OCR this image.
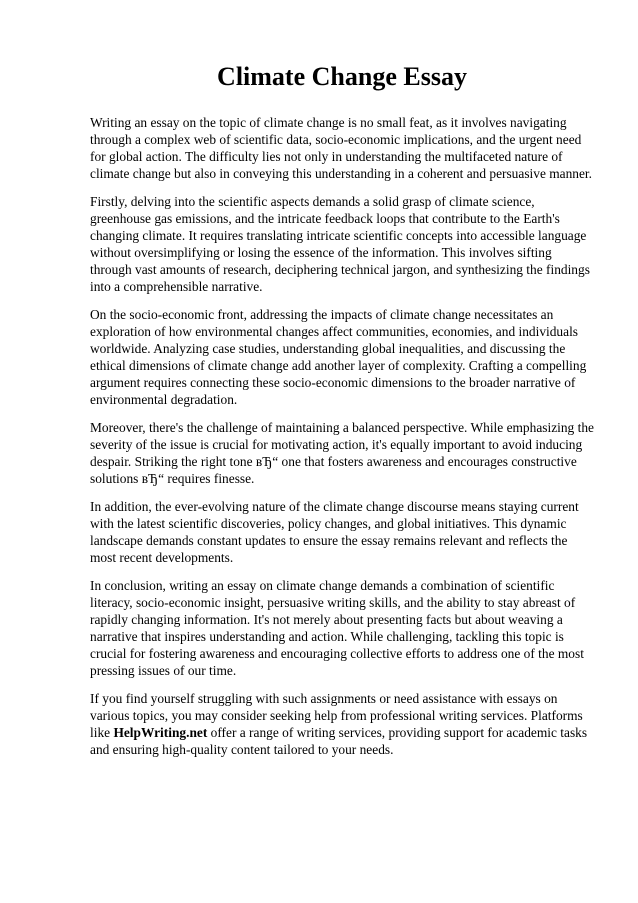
Climate Change Essay

Writing an essay on the topic of climate change is no small feat, as it involves navigating through a complex web of scientific data, socio-economic implications, and the urgent need for global action. The difficulty lies not only in understanding the multifaceted nature of climate change but also in conveying this understanding in a coherent and persuasive manner.

Firstly, delving into the scientific aspects demands a solid grasp of climate science, greenhouse gas emissions, and the intricate feedback loops that contribute to the Earth's changing climate. It requires translating intricate scientific concepts into accessible language without oversimplifying or losing the essence of the information. This involves sifting through vast amounts of research, deciphering technical jargon, and synthesizing the findings into a comprehensible narrative.

On the socio-economic front, addressing the impacts of climate change necessitates an exploration of how environmental changes affect communities, economies, and individuals worldwide. Analyzing case studies, understanding global inequalities, and discussing the ethical dimensions of climate change add another layer of complexity. Crafting a compelling argument requires connecting these socio-economic dimensions to the broader narrative of environmental degradation.

Moreover, there's the challenge of maintaining a balanced perspective. While emphasizing the severity of the issue is crucial for motivating action, it's equally important to avoid inducing despair. Striking the right tone вЂ“ one that fosters awareness and encourages constructive solutions вЂ“ requires finesse.

In addition, the ever-evolving nature of the climate change discourse means staying current with the latest scientific discoveries, policy changes, and global initiatives. This dynamic landscape demands constant updates to ensure the essay remains relevant and reflects the most recent developments.

In conclusion, writing an essay on climate change demands a combination of scientific literacy, socio-economic insight, persuasive writing skills, and the ability to stay abreast of rapidly changing information. It's not merely about presenting facts but about weaving a narrative that inspires understanding and action. While challenging, tackling this topic is crucial for fostering awareness and encouraging collective efforts to address one of the most pressing issues of our time.

If you find yourself struggling with such assignments or need assistance with essays on various topics, you may consider seeking help from professional writing services. Platforms like HelpWriting.net offer a range of writing services, providing support for academic tasks and ensuring high-quality content tailored to your needs.
